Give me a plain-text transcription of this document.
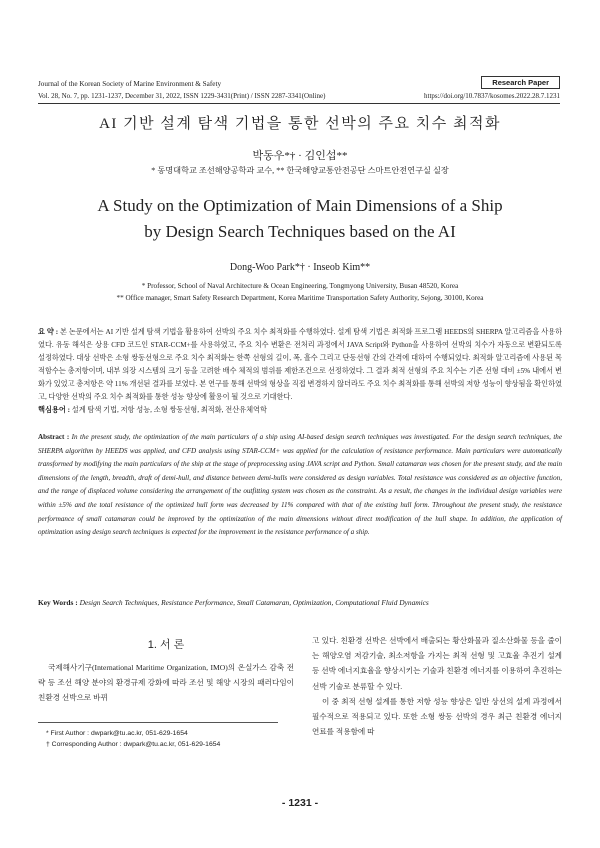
Journal of the Korean Society of Marine Environment & Safety
Vol. 28, No. 7, pp. 1231-1237, December 31, 2022, ISSN 1229-3431(Print) / ISSN 2287-3341(Online)	https://doi.org/10.7837/kosomes.2022.28.7.1231
Research Paper
AI 기반 설계 탐색 기법을 통한 선박의 주요 치수 최적화
박동우*† · 김인섭**
* 동명대학교 조선해양공학과 교수, ** 한국해양교통안전공단 스마트안전연구실 실장
A Study on the Optimization of Main Dimensions of a Ship
by Design Search Techniques based on the AI
Dong-Woo Park*† · Inseob Kim**
* Professor, School of Naval Architecture & Ocean Engineering, Tongmyong University, Busan 48520, Korea
** Office manager, Smart Safety Research Department, Korea Maritime Transportation Safety Authority, Sejong, 30100, Korea
요 약 : 본 논문에서는 AI 기반 설계 탐색 기법을 활용하여 선박의 주요 치수 최적화를 수행하였다. 설계 탐색 기법은 최적화 프로그램 HEEDS의 SHERPA 알고리즘을 사용하였다. 유동 해석은 상용 CFD 코드인 STAR-CCM+를 사용하였고, 주요 치수 변환은 전처리 과정에서 JAVA Script와 Python을 사용하여 선박의 치수가 자동으로 변환되도록 설정하였다. 대상 선박은 소형 쌍동선형으로 주요 치수 최적화는 한쪽 선형의 길이, 폭, 흘수 그리고 단동선형 간의 간격에 대하여 수행되었다. 최적화 알고리즘에 사용된 목적함수는 총저항이며, 내부 의장 시스템의 크기 등을 고려한 배수 체적의 범위를 제한조건으로 선정하였다. 그 결과 최적 선형의 주요 치수는 기존 선형 대비 ±5% 내에서 변화가 있었고 총저항은 약 11% 개선된 결과를 보였다. 본 연구를 통해 선박의 형상을 직접 변경하지 않더라도 주요 치수 최적화를 통해 선박의 저항 성능이 향상됨을 확인하였고, 다양한 선박의 주요 치수 최적화를 통한 성능 향상에 활용이 될 것으로 기대한다.
핵심용어 : 설계 탐색 기법, 저항 성능, 소형 쌍동선형, 최적화, 전산유체역학
Abstract : In the present study, the optimization of the main particulars of a ship using AI-based design search techniques was investigated. For the design search techniques, the SHERPA algorithm by HEEDS was applied, and CFD analysis using STAR-CCM+ was applied for the calculation of resistance performance. Main particulars were automatically transformed by modifying the main particulars of the ship at the stage of preprocessing using JAVA script and Python. Small catamaran was chosen for the present study, and the main dimensions of the length, breadth, draft of demi-hull, and distance between demi-hulls were considered as design variables. Total resistance was considered as an objective function, and the range of displaced volume considering the arrangement of the outfitting system was chosen as the constraint. As a result, the changes in the individual design variables were within ±5% and the total resistance of the optimized hull form was decreased by 11% compared with that of the existing hull form. Throughout the present study, the resistance performance of small catamaran could be improved by the optimization of the main dimensions without direct modification of the hull shape. In addition, the application of optimization using design search techniques is expected for the improvement in the resistance performance of a ship.
Key Words : Design Search Techniques, Resistance Performance, Small Catamaran, Optimization, Computational Fluid Dynamics
1. 서 론
국제해사기구(International Maritime Organization, IMO)의 온실가스 감축 전략 등 조선 해양 분야의 환경규제 강화에 따라 조선 및 해양 시장의 패러다임이 친환경 선박으로 바뀌

고 있다. 친환경 선박은 선박에서 배출되는 황산화물과 질소산화물 등을 줄이는 해양오염 저감기술, 최소저항을 가지는 최적 선형 및 고효율 추진기 설계 등 선박 에너지효율을 향상시키는 기술과 친환경 에너지를 이용하여 추진하는 선박 기술로 분류할 수 있다.

이 중 최적 선형 설계를 통한 저항 성능 향상은 일반 상선의 설계 과정에서 필수적으로 적용되고 있다. 또한 소형 쌍동 선박의 경우 최근 친환경 에너지 연료를 적용함에 따

* First Author : dwpark@tu.ac.kr, 051-629-1654
† Corresponding Author : dwpark@tu.ac.kr, 051-629-1654
- 1231 -
